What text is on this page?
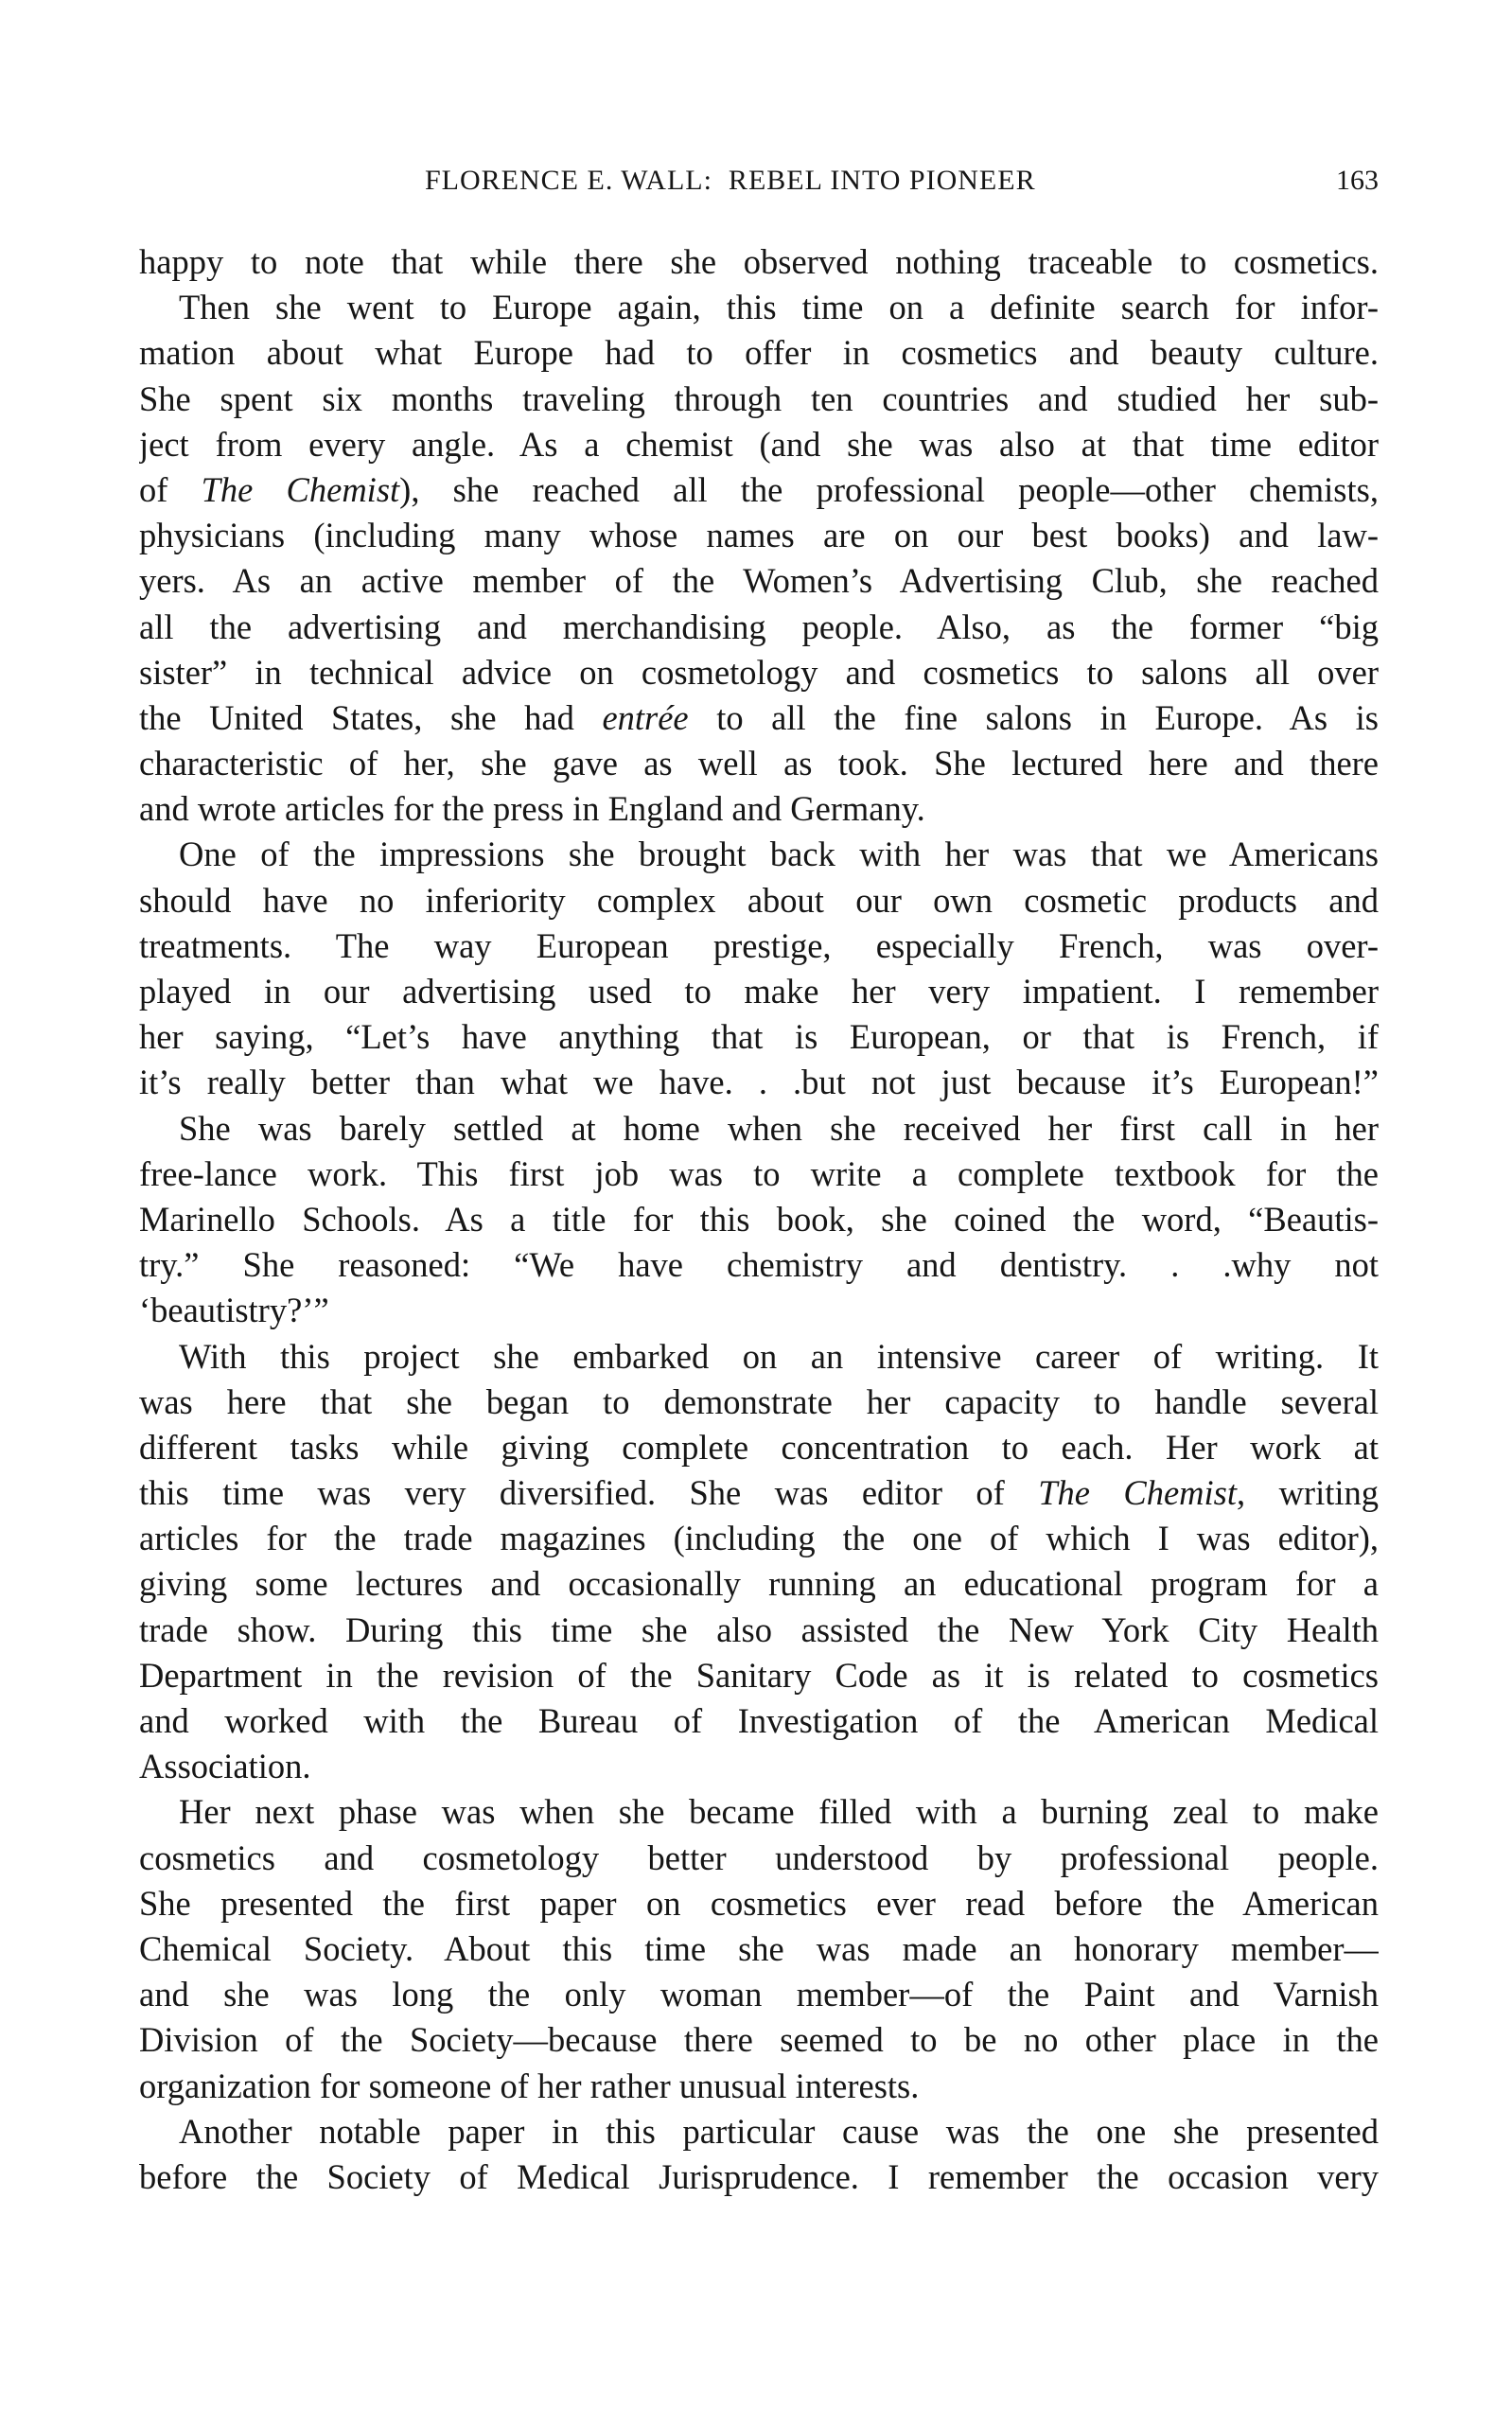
FLORENCE E. WALL:  REBEL INTO PIONEER	163
happy to note that while there she observed nothing traceable to cosmetics.
Then she went to Europe again, this time on a definite search for infor-
mation about what Europe had to offer in cosmetics and beauty culture.
She spent six months traveling through ten countries and studied her sub-
ject from every angle. As a chemist (and she was also at that time editor
of The Chemist), she reached all the professional people—other chemists,
physicians (including many whose names are on our best books) and law-
yers. As an active member of the Women’s Advertising Club, she reached
all the advertising and merchandising people. Also, as the former “big
sister” in technical advice on cosmetology and cosmetics to salons all over
the United States, she had entrée to all the fine salons in Europe. As is
characteristic of her, she gave as well as took. She lectured here and there
and wrote articles for the press in England and Germany.
One of the impressions she brought back with her was that we Americans
should have no inferiority complex about our own cosmetic products and
treatments. The way European prestige, especially French, was over-
played in our advertising used to make her very impatient. I remember
her saying, “Let’s have anything that is European, or that is French, if
it’s really better than what we have. . .but not just because it’s European!”
She was barely settled at home when she received her first call in her
free-lance work. This first job was to write a complete textbook for the
Marinello Schools. As a title for this book, she coined the word, “Beautis-
try.” She reasoned: “We have chemistry and dentistry. . .why not
‘beautistry?’”
With this project she embarked on an intensive career of writing. It
was here that she began to demonstrate her capacity to handle several
different tasks while giving complete concentration to each. Her work at
this time was very diversified. She was editor of The Chemist, writing
articles for the trade magazines (including the one of which I was editor),
giving some lectures and occasionally running an educational program for a
trade show. During this time she also assisted the New York City Health
Department in the revision of the Sanitary Code as it is related to cosmetics
and worked with the Bureau of Investigation of the American Medical
Association.
Her next phase was when she became filled with a burning zeal to make
cosmetics and cosmetology better understood by professional people.
She presented the first paper on cosmetics ever read before the American
Chemical Society. About this time she was made an honorary member—
and she was long the only woman member—of the Paint and Varnish
Division of the Society—because there seemed to be no other place in the
organization for someone of her rather unusual interests.
Another notable paper in this particular cause was the one she presented
before the Society of Medical Jurisprudence. I remember the occasion very
